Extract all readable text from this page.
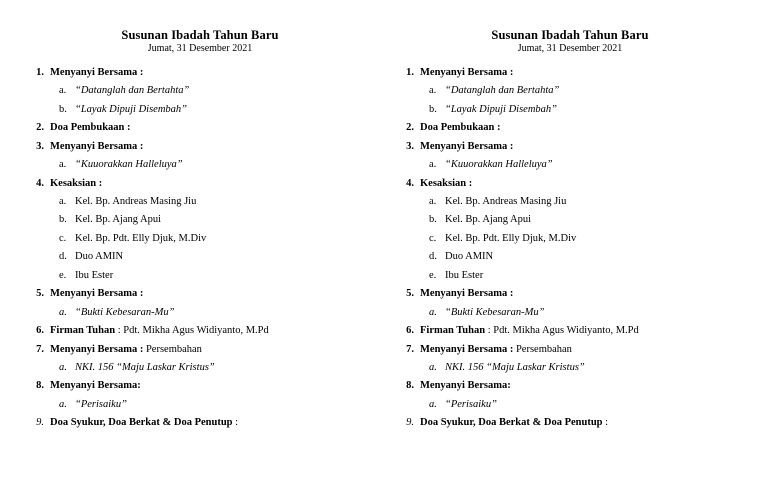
Susunan Ibadah Tahun Baru
Jumat, 31 Desember 2021
1. Menyanyi Bersama :
a. “Datanglah dan Bertahta”
b. “Layak Dipuji Disembah”
2. Doa Pembukaan :
3. Menyanyi Bersama :
a. “Kuuorakkan Halleluya”
4. Kesaksian :
a. Kel. Bp. Andreas Masing Jiu
b. Kel. Bp. Ajang Apui
c. Kel. Bp. Pdt. Elly Djuk, M.Div
d. Duo AMIN
e. Ibu Ester
5. Menyanyi Bersama :
a. “Bukti Kebesaran-Mu”
6. Firman Tuhan : Pdt. Mikha Agus Widiyanto, M.Pd
7. Menyanyi Bersama : Persembahan
a. NKI. 156 “Maju Laskar Kristus”
8. Menyanyi Bersama:
a. “Perisaiku”
9. Doa Syukur, Doa Berkat & Doa Penutup :
Susunan Ibadah Tahun Baru
Jumat, 31 Desember 2021
1. Menyanyi Bersama :
a. “Datanglah dan Bertahta”
b. “Layak Dipuji Disembah”
2. Doa Pembukaan :
3. Menyanyi Bersama :
a. “Kuuorakkan Halleluya”
4. Kesaksian :
a. Kel. Bp. Andreas Masing Jiu
b. Kel. Bp. Ajang Apui
c. Kel. Bp. Pdt. Elly Djuk, M.Div
d. Duo AMIN
e. Ibu Ester
5. Menyanyi Bersama :
a. “Bukti Kebesaran-Mu”
6. Firman Tuhan : Pdt. Mikha Agus Widiyanto, M.Pd
7. Menyanyi Bersama : Persembahan
a. NKI. 156 “Maju Laskar Kristus”
8. Menyanyi Bersama:
a. “Perisaiku”
9. Doa Syukur, Doa Berkat & Doa Penutup :
